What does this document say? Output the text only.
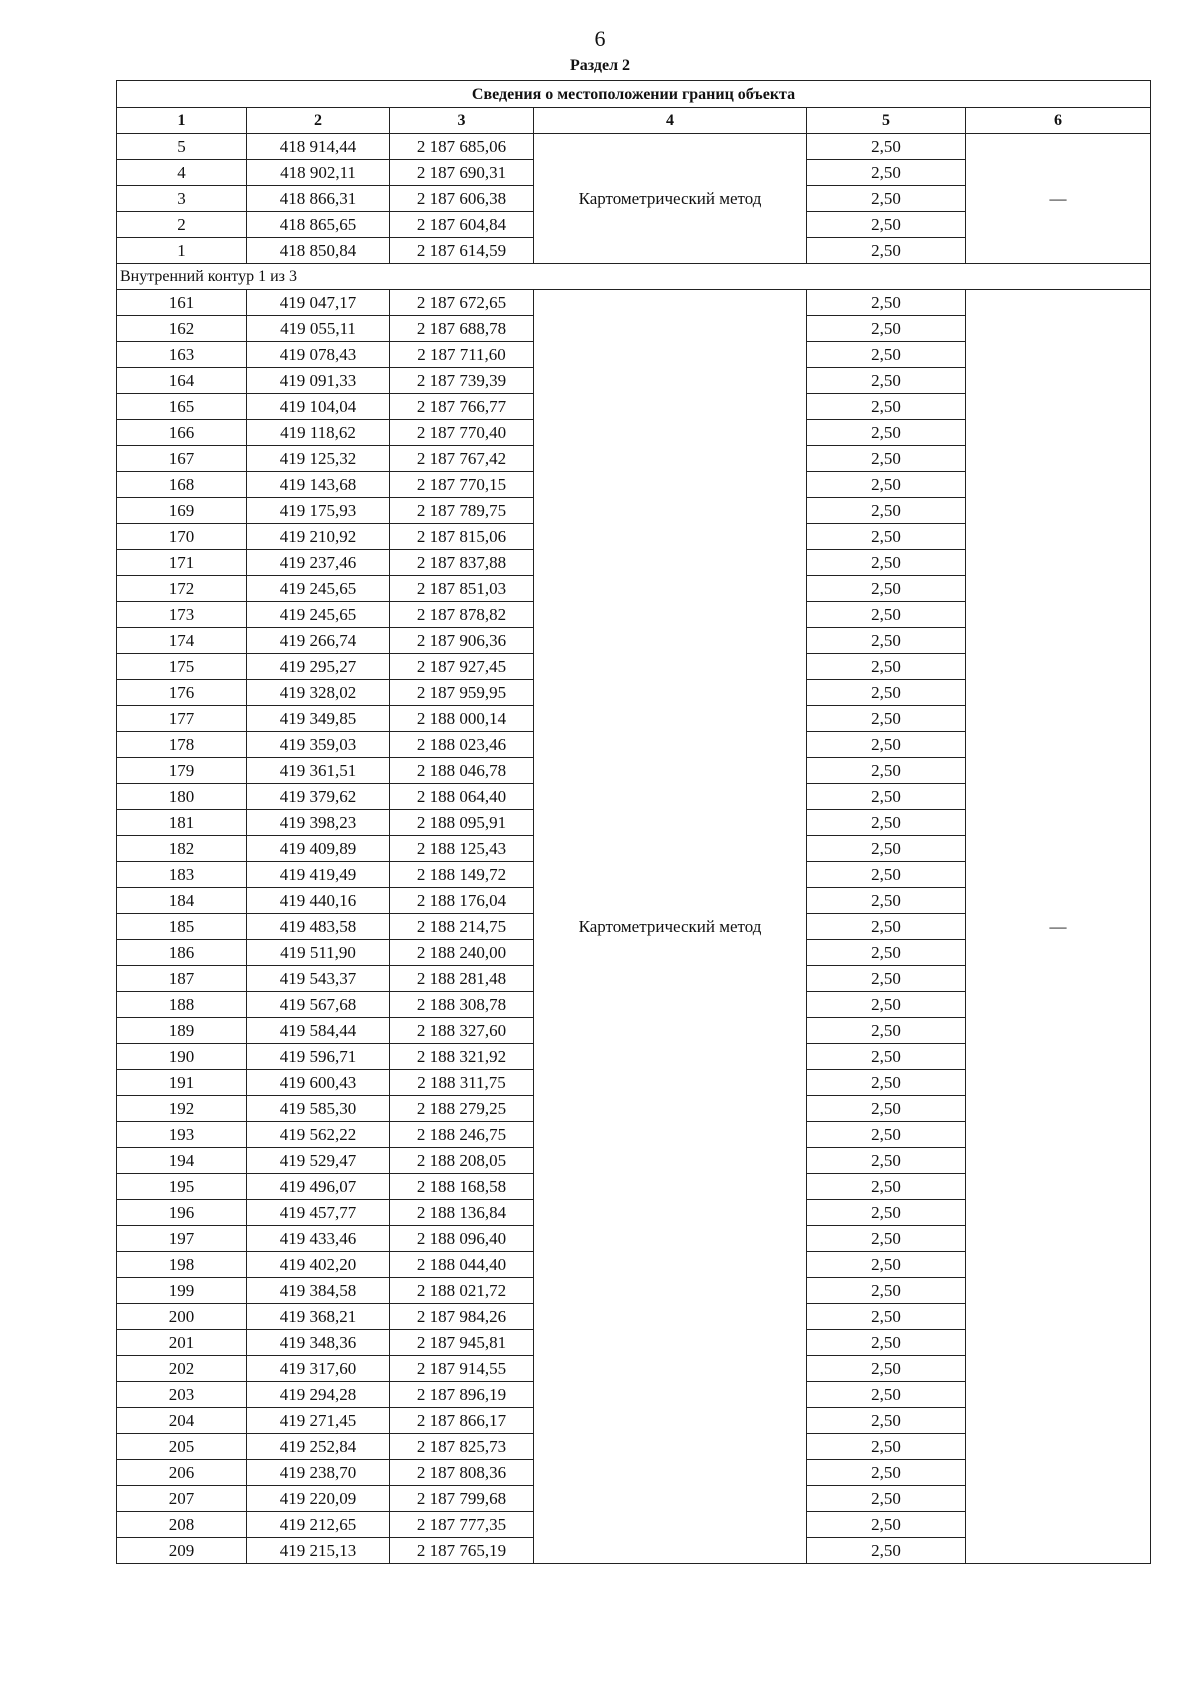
6
Раздел 2
Сведения о местоположении границ объекта					
1	2	3	4	5	6
5	418 914,44	2 187 685,06	Картометрический метод	2,50	—
4	418 902,11	2 187 690,31		2,50	
3	418 866,31	2 187 606,38		2,50	
2	418 865,65	2 187 604,84		2,50	
1	418 850,84	2 187 614,59		2,50	
Внутренний контур 1 из 3					
161	419 047,17	2 187 672,65	Картометрический метод	2,50	—
162	419 055,11	2 187 688,78		2,50	
163	419 078,43	2 187 711,60		2,50	
164	419 091,33	2 187 739,39		2,50	
165	419 104,04	2 187 766,77		2,50	
166	419 118,62	2 187 770,40		2,50	
167	419 125,32	2 187 767,42		2,50	
168	419 143,68	2 187 770,15		2,50	
169	419 175,93	2 187 789,75		2,50	
170	419 210,92	2 187 815,06		2,50	
171	419 237,46	2 187 837,88		2,50	
172	419 245,65	2 187 851,03		2,50	
173	419 245,65	2 187 878,82		2,50	
174	419 266,74	2 187 906,36		2,50	
175	419 295,27	2 187 927,45		2,50	
176	419 328,02	2 187 959,95		2,50	
177	419 349,85	2 188 000,14		2,50	
178	419 359,03	2 188 023,46		2,50	
179	419 361,51	2 188 046,78		2,50	
180	419 379,62	2 188 064,40		2,50	
181	419 398,23	2 188 095,91		2,50	
182	419 409,89	2 188 125,43		2,50	
183	419 419,49	2 188 149,72		2,50	
184	419 440,16	2 188 176,04		2,50	
185	419 483,58	2 188 214,75		2,50	
186	419 511,90	2 188 240,00		2,50	
187	419 543,37	2 188 281,48		2,50	
188	419 567,68	2 188 308,78		2,50	
189	419 584,44	2 188 327,60		2,50	
190	419 596,71	2 188 321,92		2,50	
191	419 600,43	2 188 311,75		2,50	
192	419 585,30	2 188 279,25		2,50	
193	419 562,22	2 188 246,75		2,50	
194	419 529,47	2 188 208,05		2,50	
195	419 496,07	2 188 168,58		2,50	
196	419 457,77	2 188 136,84		2,50	
197	419 433,46	2 188 096,40		2,50	
198	419 402,20	2 188 044,40		2,50	
199	419 384,58	2 188 021,72		2,50	
200	419 368,21	2 187 984,26		2,50	
201	419 348,36	2 187 945,81		2,50	
202	419 317,60	2 187 914,55		2,50	
203	419 294,28	2 187 896,19		2,50	
204	419 271,45	2 187 866,17		2,50	
205	419 252,84	2 187 825,73		2,50	
206	419 238,70	2 187 808,36		2,50	
207	419 220,09	2 187 799,68		2,50	
208	419 212,65	2 187 777,35		2,50	
209	419 215,13	2 187 765,19		2,50	
